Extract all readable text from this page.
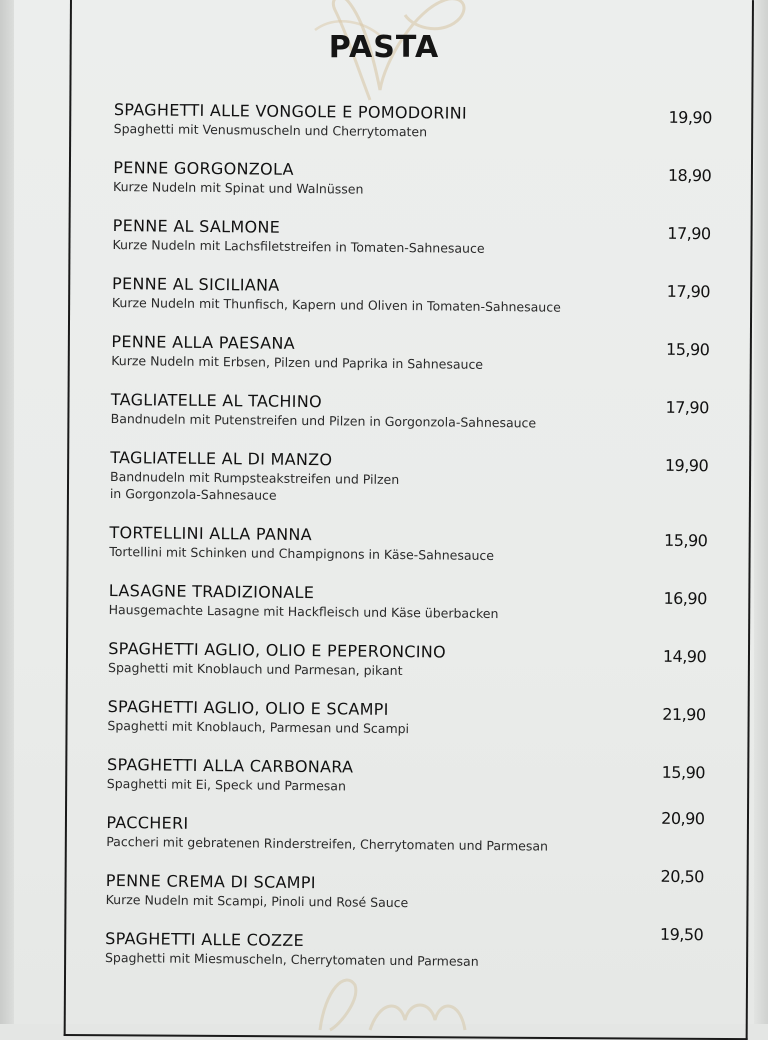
PASTA
SPAGHETTI ALLE VONGOLE E POMODORINI
Spaghetti mit Venusmuscheln und Cherrytomaten
19,90
PENNE GORGONZOLA
Kurze Nudeln mit Spinat und Walnüssen
18,90
PENNE AL SALMONE
Kurze Nudeln mit Lachsfiletstreifen in Tomaten-Sahnesauce
17,90
PENNE AL SICILIANA
Kurze Nudeln mit Thunfisch, Kapern und Oliven in Tomaten-Sahnesauce
17,90
PENNE ALLA PAESANA
Kurze Nudeln mit Erbsen, Pilzen und Paprika in Sahnesauce
15,90
TAGLIATELLE AL TACHINO
Bandnudeln mit Putenstreifen und Pilzen in Gorgonzola-Sahnesauce
17,90
TAGLIATELLE AL DI MANZO
Bandnudeln mit Rumpsteakstreifen und Pilzen
in Gorgonzola-Sahnesauce
19,90
TORTELLINI ALLA PANNA
Tortellini mit Schinken und Champignons in Käse-Sahnesauce
15,90
LASAGNE TRADIZIONALE
Hausgemachte Lasagne mit Hackfleisch und Käse überbacken
16,90
SPAGHETTI AGLIO, OLIO E PEPERONCINO
Spaghetti mit Knoblauch und Parmesan, pikant
14,90
SPAGHETTI AGLIO, OLIO E SCAMPI
Spaghetti mit Knoblauch, Parmesan und Scampi
21,90
SPAGHETTI ALLA CARBONARA
Spaghetti mit Ei, Speck und Parmesan
15,90
PACCHERI
Paccheri mit gebratenen Rinderstreifen, Cherrytomaten und Parmesan
20,90
PENNE CREMA DI SCAMPI
Kurze Nudeln mit Scampi, Pinoli und Rosé Sauce
20,50
SPAGHETTI ALLE COZZE
Spaghetti mit Miesmuscheln, Cherrytomaten und Parmesan
19,50
